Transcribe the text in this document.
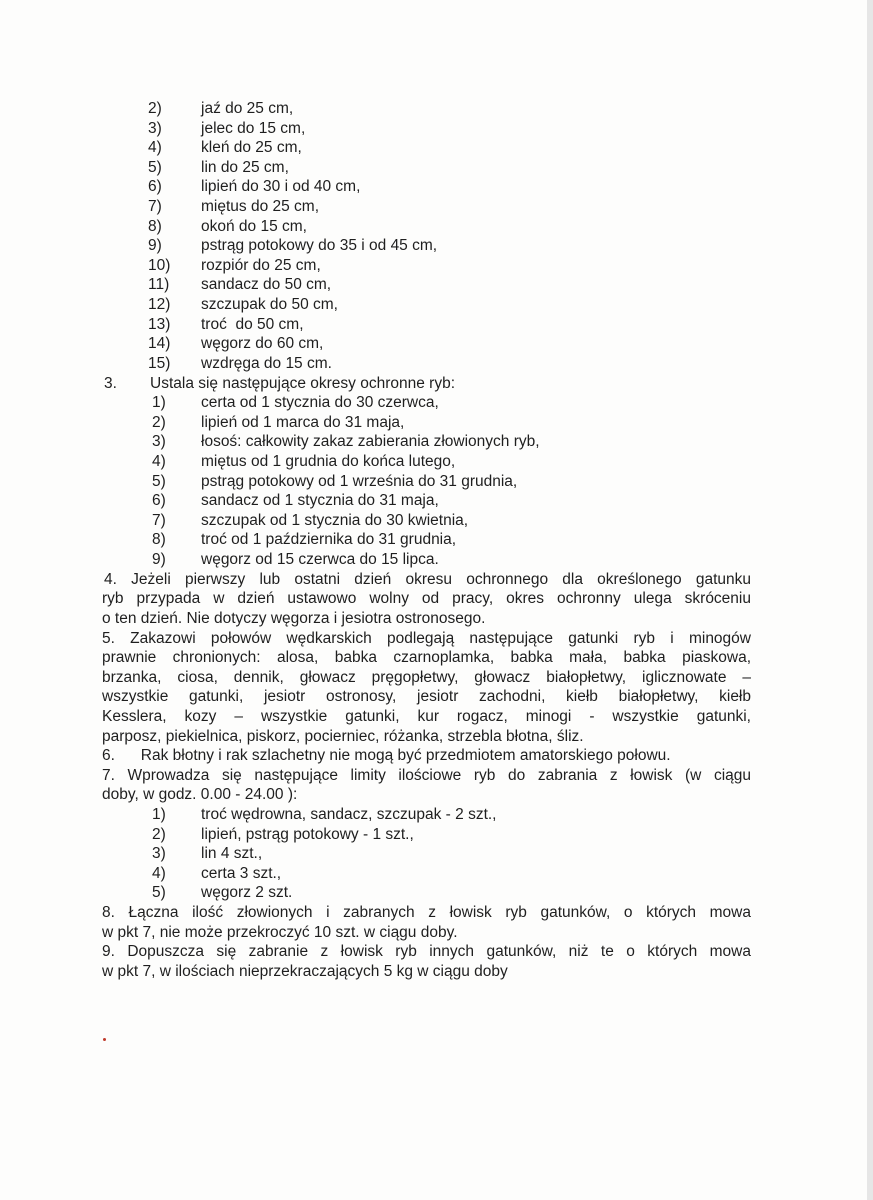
2)	jaź do 25 cm,
3)	jelec do 15 cm,
4)	kleń do 25 cm,
5)	lin do 25 cm,
6)	lipień do 30 i od 40 cm,
7)	miętus do 25 cm,
8)	okoń do 15 cm,
9)	pstrąg potokowy do 35 i od 45 cm,
10) rozpiór do 25 cm,
11) sandacz do 50 cm,
12) szczupak do 50 cm,
13) troć  do 50 cm,
14) węgorz do 60 cm,
15) wzdręga do 15 cm.
3. Ustala się następujące okresy ochronne ryb:
1) certa od 1 stycznia do 30 czerwca,
2) lipień od 1 marca do 31 maja,
3) łosoś: całkowity zakaz zabierania złowionych ryb,
4) miętus od 1 grudnia do końca lutego,
5) pstrąg potokowy od 1 września do 31 grudnia,
6) sandacz od 1 stycznia do 31 maja,
7) szczupak od 1 stycznia do 30 kwietnia,
8) troć od 1 października do 31 grudnia,
9) węgorz od 15 czerwca do 15 lipca.
4. Jeżeli pierwszy lub ostatni dzień okresu ochronnego dla określonego gatunku
ryb przypada w dzień ustawowo wolny od pracy, okres ochronny ulega skróceniu
o ten dzień. Nie dotyczy węgorza i jesiotra ostronosego.
5. Zakazowi połowów wędkarskich podlegają następujące gatunki ryb i minogów
prawnie chronionych: alosa, babka czarnoplamka, babka mała, babka piaskowa,
brzanka, ciosa, dennik, głowacz pręgopłetwy, głowacz białopłetwy, iglicznowate –
wszystkie gatunki, jesiotr ostronosy, jesiotr zachodni, kiełb białopłetwy, kiełb
Kesslera, kozy – wszystkie gatunki, kur rogacz, minogi - wszystkie gatunki,
parposz, piekielnica, piskorz, pocierniec, różanka, strzebla błotna, śliz.
6.      Rak błotny i rak szlachetny nie mogą być przedmiotem amatorskiego połowu.
7. Wprowadza się następujące limity ilościowe ryb do zabrania z łowisk (w ciągu
doby, w godz. 0.00 - 24.00 ):
1) troć wędrowna, sandacz, szczupak - 2 szt.,
2) lipień, pstrąg potokowy - 1 szt.,
3) lin 4 szt.,
4) certa 3 szt.,
5) węgorz 2 szt.
8. Łączna ilość złowionych i zabranych z łowisk ryb gatunków, o których mowa
w pkt 7, nie może przekroczyć 10 szt. w ciągu doby.
9. Dopuszcza się zabranie z łowisk ryb innych gatunków, niż te o których mowa
w pkt 7, w ilościach nieprzekraczających 5 kg w ciągu doby
